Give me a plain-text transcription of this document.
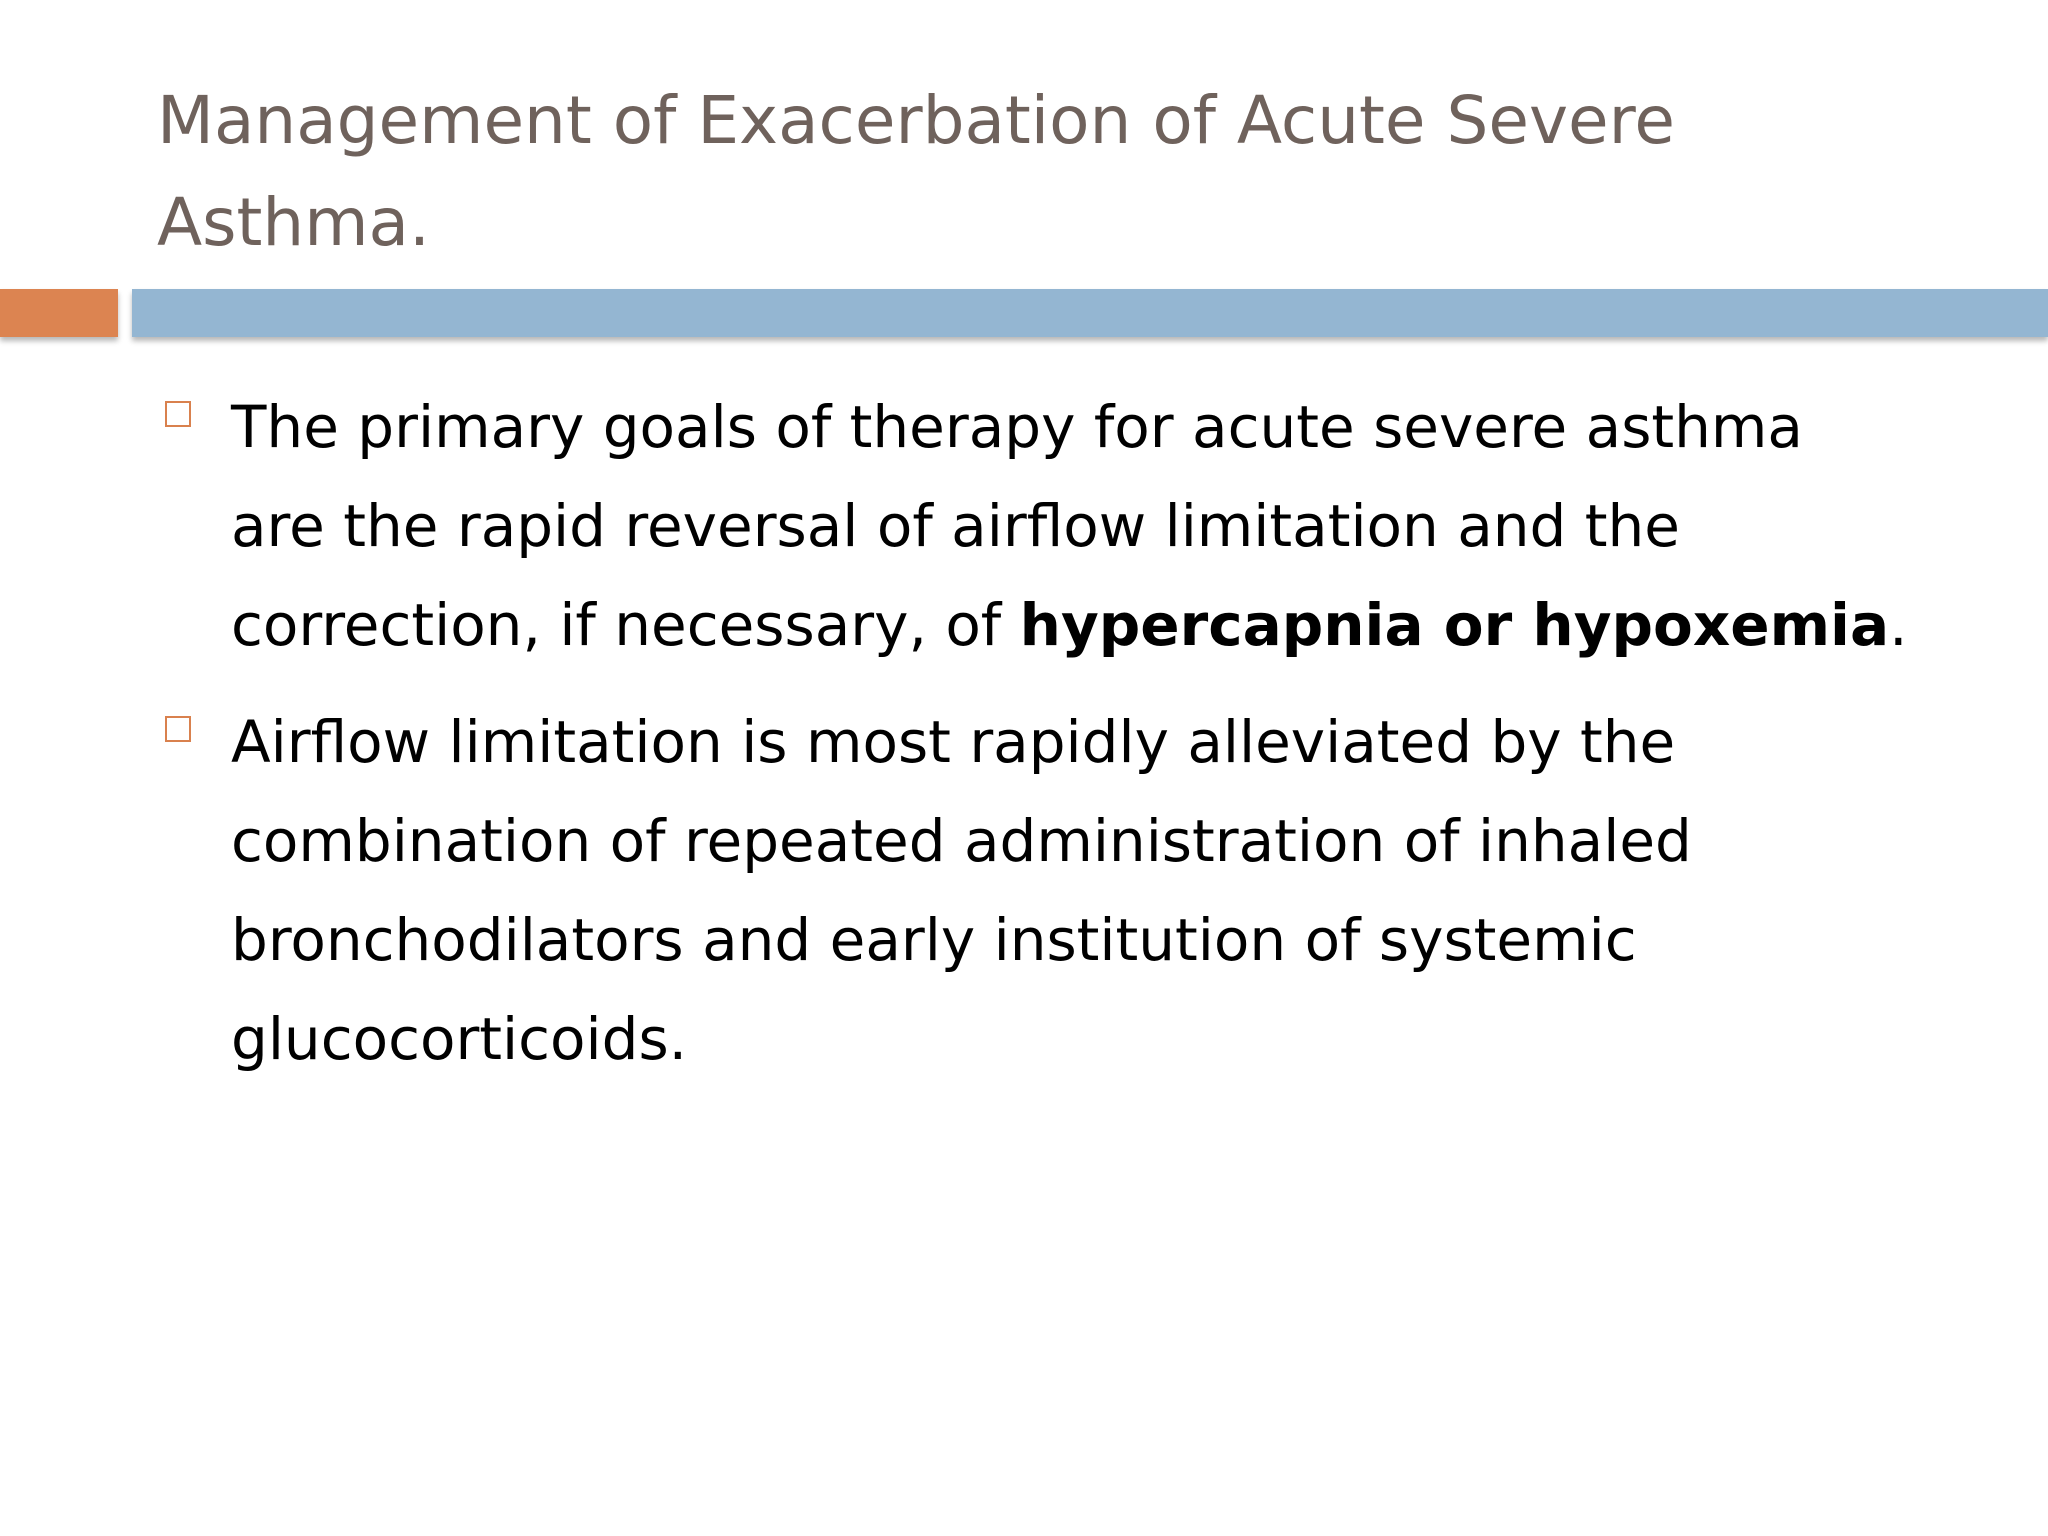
Management of Exacerbation of Acute Severe Asthma.
The primary goals of therapy for acute severe asthma are the rapid reversal of airflow limitation and the correction, if necessary, of hypercapnia or hypoxemia.
Airflow limitation is most rapidly alleviated by the combination of repeated administration of inhaled bronchodilators and early institution of systemic glucocorticoids.
